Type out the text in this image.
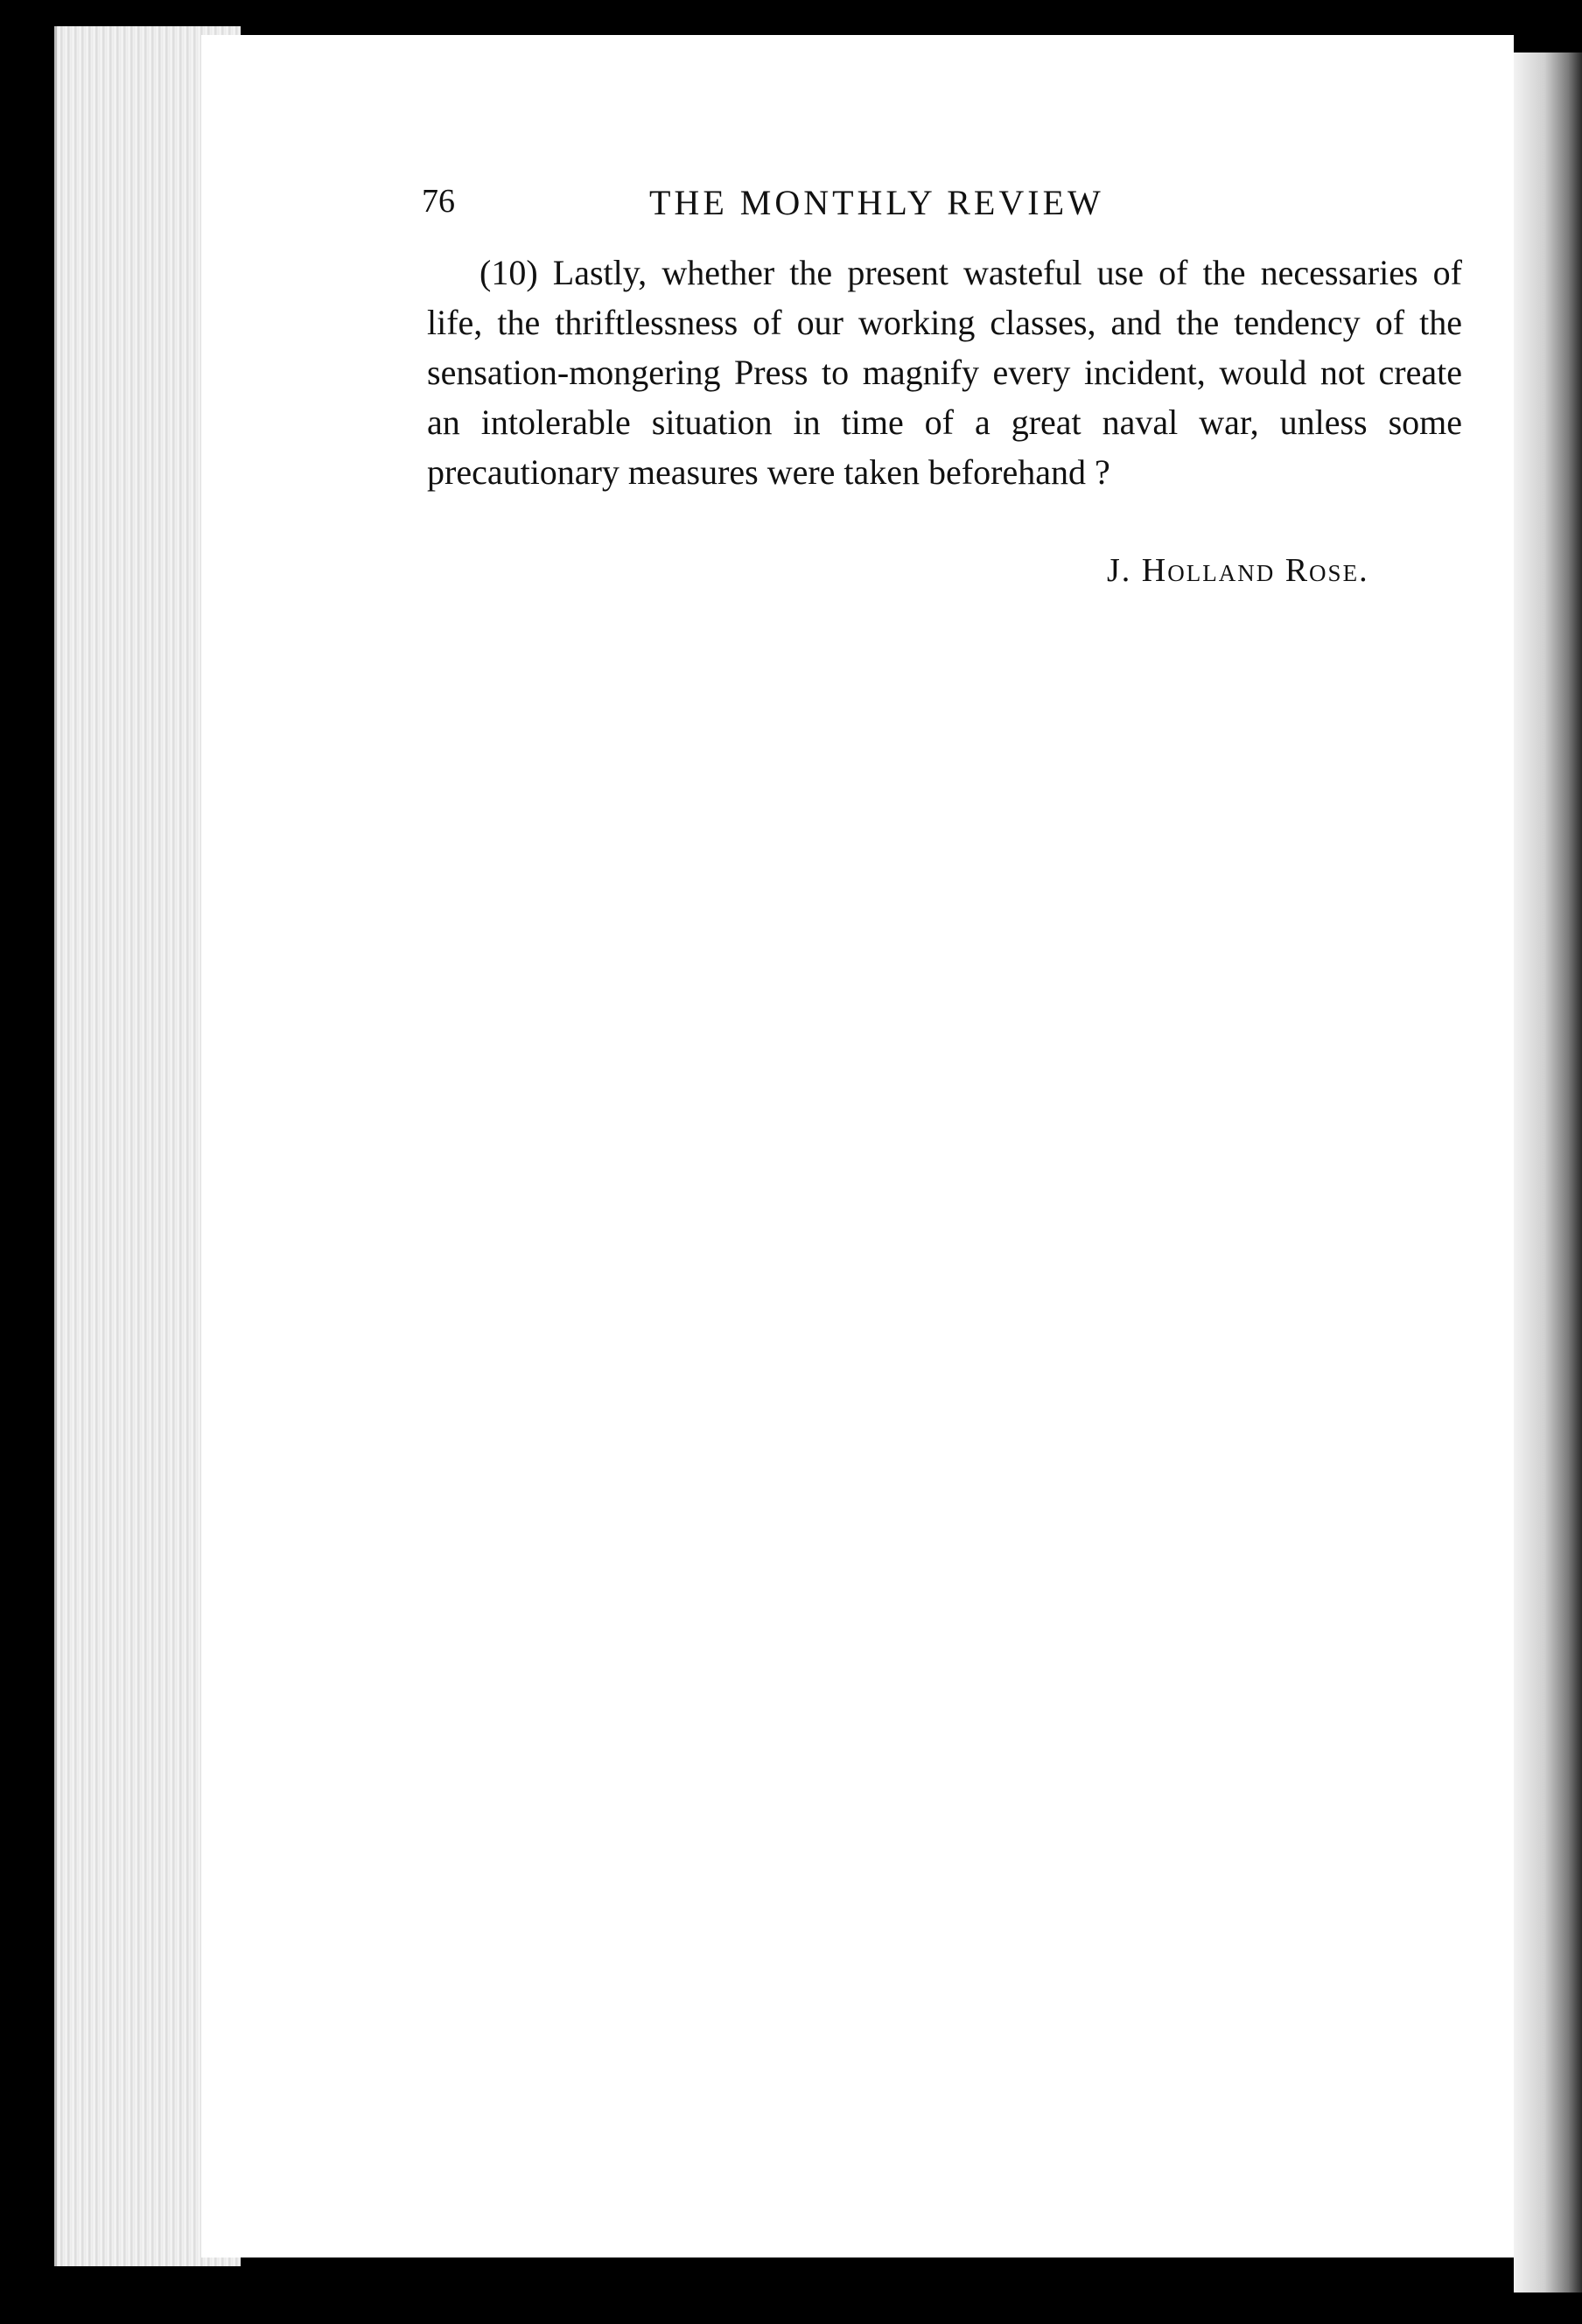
76	THE MONTHLY REVIEW

(10) Lastly, whether the present wasteful use of the necessaries of life, the thriftlessness of our working classes, and the tendency of the sensation-mongering Press to magnify every incident, would not create an intolerable situation in time of a great naval war, unless some precautionary measures were taken beforehand ?

J. Holland Rose.
